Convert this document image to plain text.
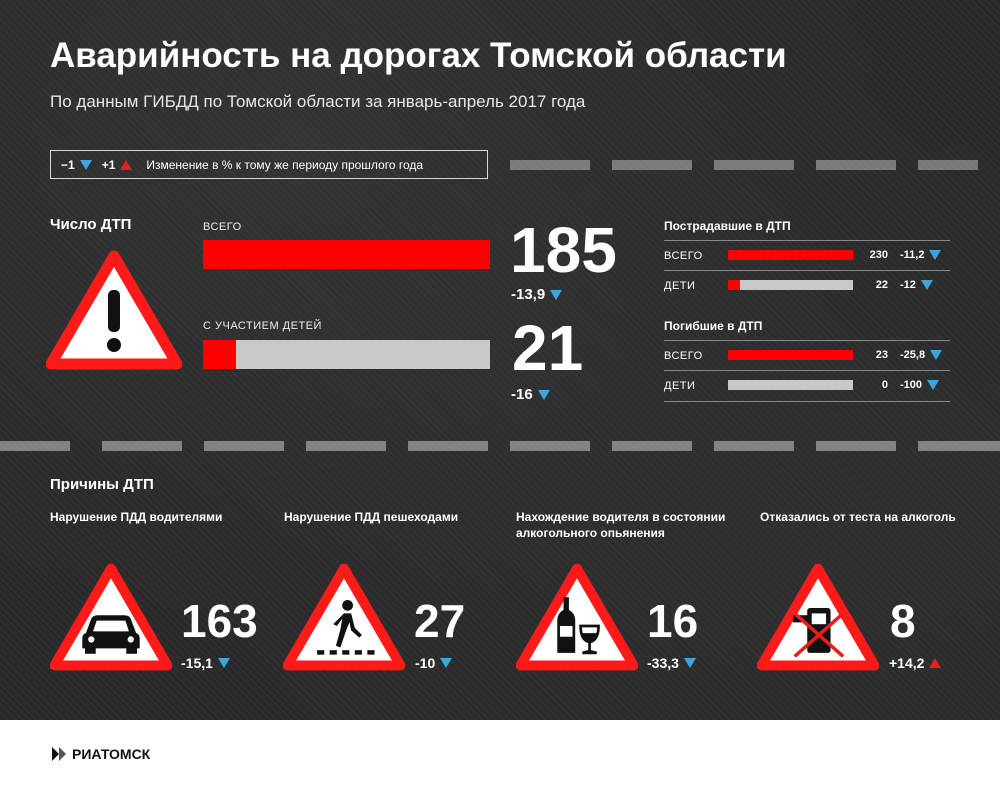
Аварийность на дорогах Томской области
По данным ГИБДД по Томской области за январь-апрель 2017 года
−1 +1	Изменение в % к тому же периоду прошлого года
Число ДТП	ВСЕГО	185
-13,9
С УЧАСТИЕМ ДЕТЕЙ	21
-16
Пострадавшие в ДТП
ВСЕГО	230 -11,2
ДЕТИ	22 -12
Погибшие в ДТП
ВСЕГО	23 -25,8
ДЕТИ	0 -100
Причины ДТП
Нарушение ПДД водителями
163
-15,1
Нарушение ПДД пешеходами
27
-10
Нахождение водителя в состоянии алкогольного опьянения
16
-33,3
Отказались от теста на алкоголь
8
+14,2
РИАТОМСК
